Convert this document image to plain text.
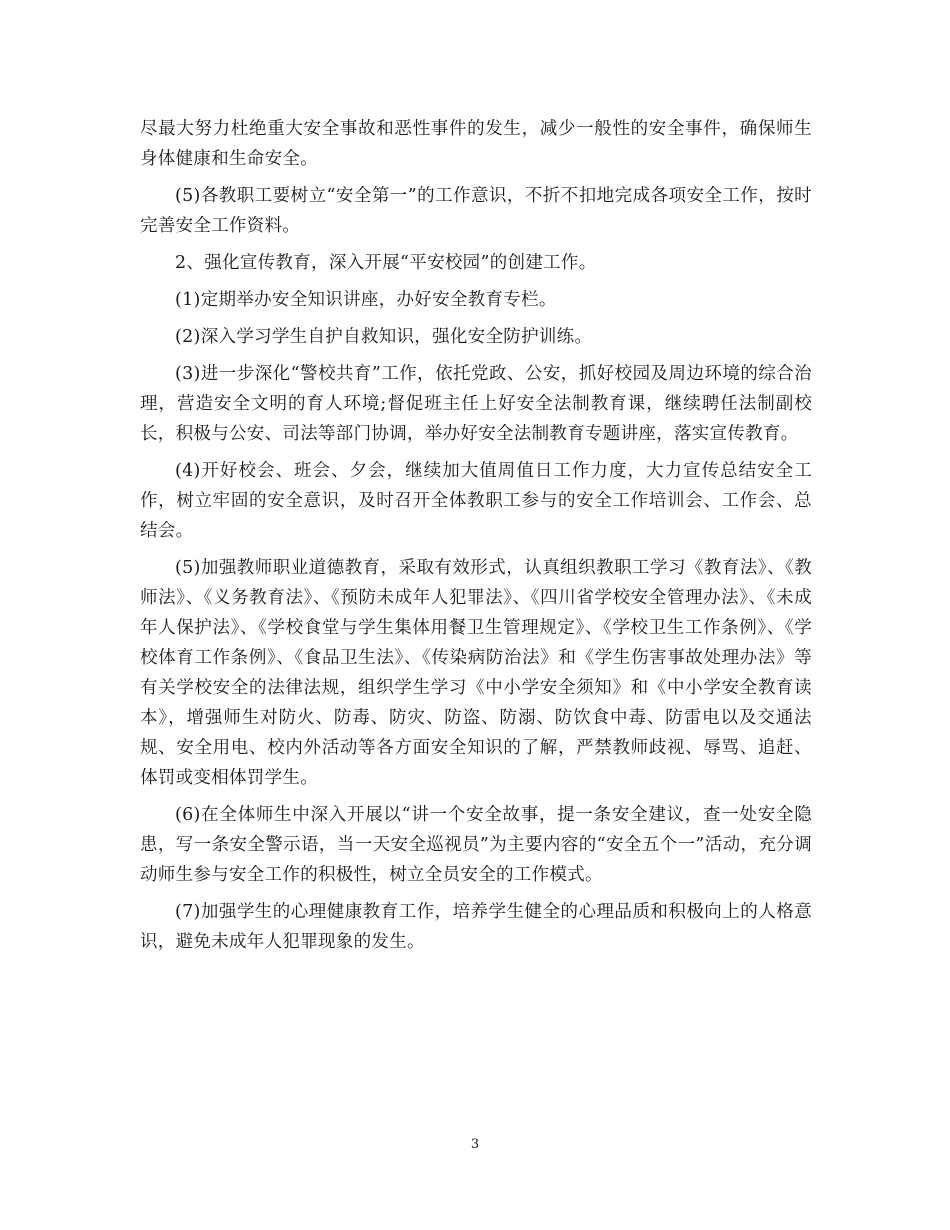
尽最大努力杜绝重大安全事故和恶性事件的发生，减少一般性的安全事件，确保师生身体健康和生命安全。

(5)各教职工要树立“安全第一”的工作意识，不折不扣地完成各项安全工作，按时完善安全工作资料。

2、强化宣传教育，深入开展“平安校园”的创建工作。

(1)定期举办安全知识讲座，办好安全教育专栏。

(2)深入学习学生自护自救知识，强化安全防护训练。

(3)进一步深化“警校共育”工作，依托党政、公安，抓好校园及周边环境的综合治理，营造安全文明的育人环境;督促班主任上好安全法制教育课，继续聘任法制副校长，积极与公安、司法等部门协调，举办好安全法制教育专题讲座，落实宣传教育。

(4)开好校会、班会、夕会，继续加大值周值日工作力度，大力宣传总结安全工作，树立牢固的安全意识，及时召开全体教职工参与的安全工作培训会、工作会、总结会。

(5)加强教师职业道德教育，采取有效形式，认真组织教职工学习《教育法》、《教师法》、《义务教育法》、《预防未成年人犯罪法》、《四川省学校安全管理办法》、《未成年人保护法》、《学校食堂与学生集体用餐卫生管理规定》、《学校卫生工作条例》、《学校体育工作条例》、《食品卫生法》、《传染病防治法》和《学生伤害事故处理办法》等有关学校安全的法律法规，组织学生学习《中小学安全须知》和《中小学安全教育读本》，增强师生对防火、防毒、防灾、防盗、防溺、防饮食中毒、防雷电以及交通法规、安全用电、校内外活动等各方面安全知识的了解，严禁教师歧视、辱骂、追赶、体罚或变相体罚学生。

(6)在全体师生中深入开展以“讲一个安全故事，提一条安全建议，查一处安全隐患，写一条安全警示语，当一天安全巡视员”为主要内容的“安全五个一”活动，充分调动师生参与安全工作的积极性，树立全员安全的工作模式。

(7)加强学生的心理健康教育工作，培养学生健全的心理品质和积极向上的人格意识，避免未成年人犯罪现象的发生。

3
